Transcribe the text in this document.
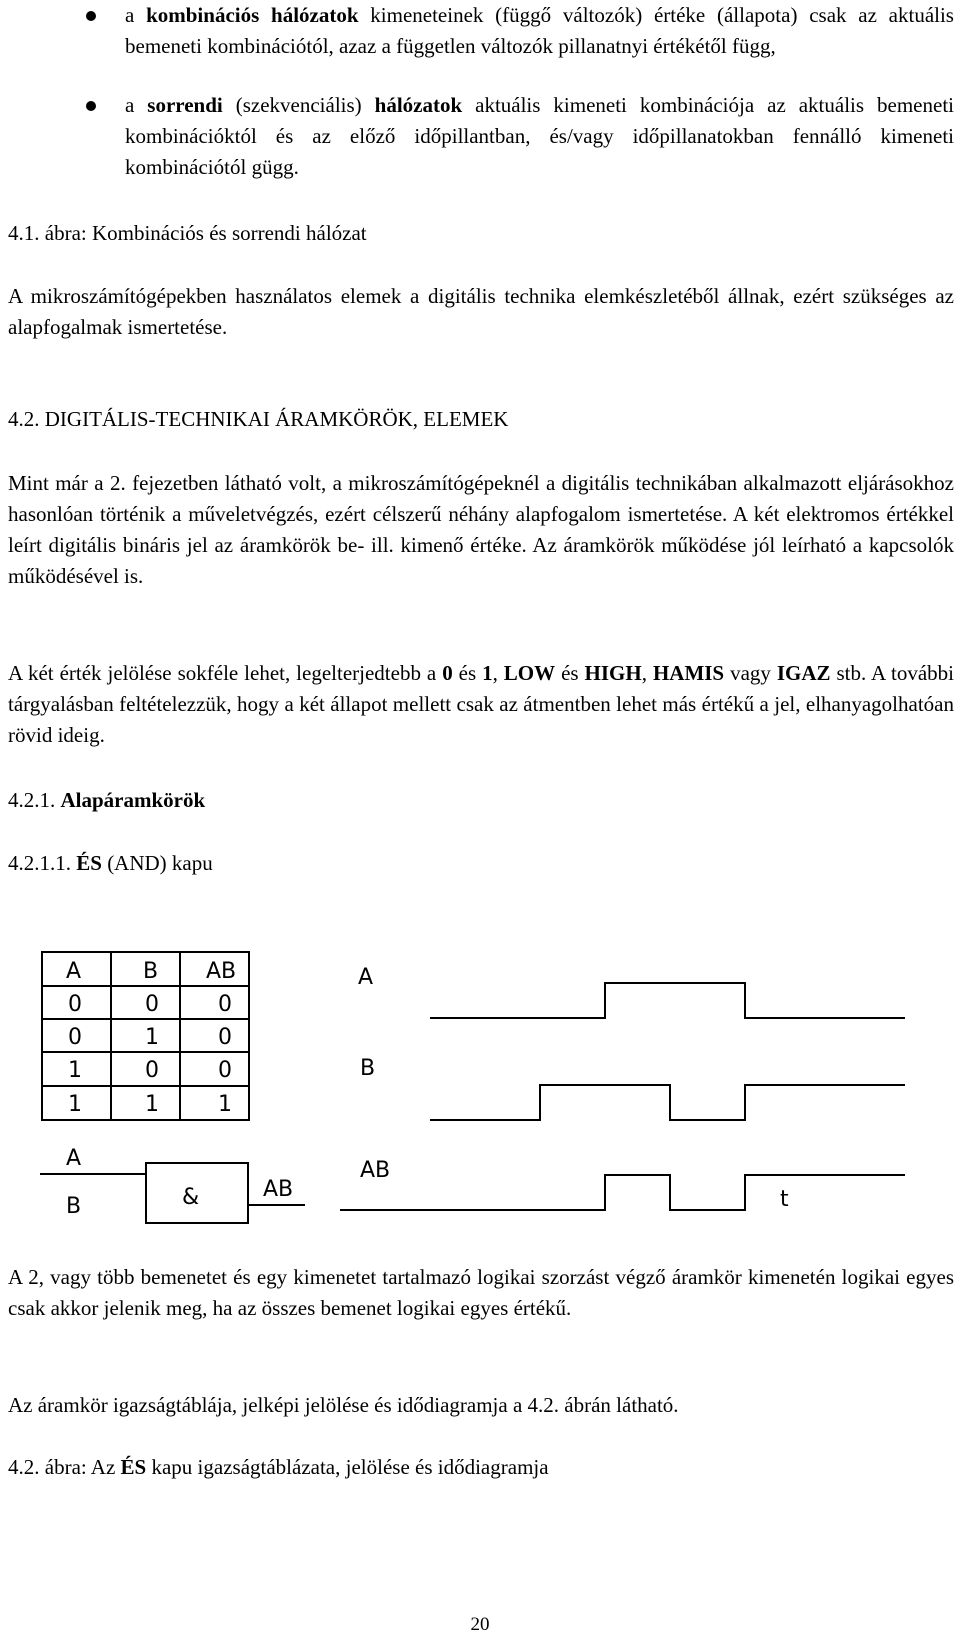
a kombinációs hálózatok kimeneteinek (függő változók) értéke (állapota) csak az aktuális bemeneti kombinációtól, azaz a független változók pillanatnyi értékétől függ,
a sorrendi (szekvenciális) hálózatok aktuális kimeneti kombinációja az aktuális bemeneti kombinációktól és az előző időpillantban, és/vagy időpillanatokban fennálló kimeneti kombinációtól gügg.
4.1. ábra: Kombinációs és sorrendi hálózat

A mikroszámítógépekben használatos elemek a digitális technika elemkészletéből állnak, ezért szükséges az alapfogalmak ismertetése.

4.2. DIGITÁLIS-TECHNIKAI ÁRAMKÖRÖK, ELEMEK

Mint már a 2. fejezetben látható volt, a mikroszámítógépeknél a digitális technikában alkalmazott eljárásokhoz hasonlóan történik a műveletvégzés, ezért célszerű néhány alapfogalom ismertetése. A két elektromos értékkel leírt digitális bináris jel az áramkörök be- ill. kimenő értéke. Az áramkörök működése jól leírható a kapcsolók működésével is.

A két érték jelölése sokféle lehet, legelterjedtebb a 0 és 1, LOW és HIGH, HAMIS vagy IGAZ stb. A további tárgyalásban feltételezzük, hogy a két állapot mellett csak az átmentben lehet más értékű a jel, elhanyagolhatóan rövid ideig.

4.2.1. Alapáramkörök
4.2.1.1. ÉS (AND) kapu
A	B AB
0	0	0
0	1	0
1	0	0
1	1	1
A
B	&	AB
A
B
AB
t

A 2, vagy több bemenetet és egy kimenetet tartalmazó logikai szorzást végző áramkör kimenetén logikai egyes csak akkor jelenik meg, ha az összes bemenet logikai egyes értékű.

Az áramkör igazságtáblája, jelképi jelölése és idődiagramja a 4.2. ábrán látható.

4.2. ábra: Az ÉS kapu igazságtáblázata, jelölése és idődiagramja
20
